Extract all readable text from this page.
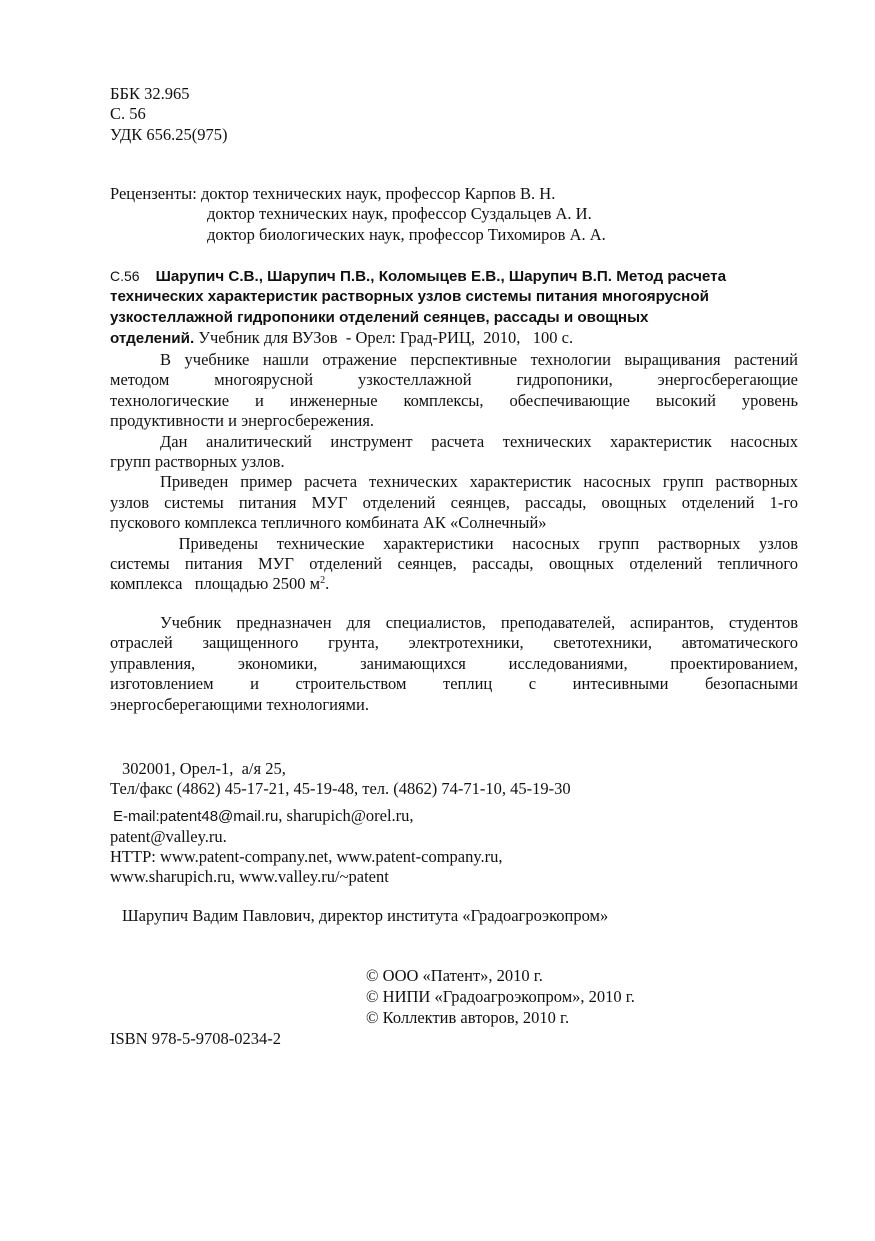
ББК 32.965
С. 56
УДК 656.25(975)
Рецензенты: доктор технических наук, профессор Карпов В. Н.
доктор технических наук, профессор Суздальцев А. И.
доктор биологических наук, профессор Тихомиров А. А.
С.56 Шарупич С.В., Шарупич П.В., Коломыцев Е.В., Шарупич В.П. Метод расчета
технических характеристик растворных узлов системы питания многоярусной
узкостеллажной гидропоники отделений сеянцев, рассады и овощных
отделений. Учебник для ВУЗов  - Орел: Град-РИЦ,  2010,   100 с.
В учебнике нашли отражение перспективные технологии выращивания растений
методом многоярусной узкостеллажной гидропоники, энергосберегающие
технологические и инженерные комплексы, обеспечивающие высокий уровень
продуктивности и энергосбережения.
Дан аналитический инструмент расчета технических характеристик насосных
групп растворных узлов.
Приведен пример расчета технических характеристик насосных групп растворных
узлов системы питания МУГ отделений сеянцев, рассады, овощных отделений 1-го
пускового комплекса тепличного комбината АК «Солнечный»
Приведены технические характеристики насосных групп растворных узлов
системы питания МУГ отделений сеянцев, рассады, овощных отделений тепличного
комплекса   площадью 2500 $м^2$.
Учебник предназначен для специалистов, преподавателей, аспирантов, студентов
отраслей защищенного грунта, электротехники, светотехники, автоматического
управления, экономики, занимающихся исследованиями, проектированием,
изготовлением и строительством теплиц с интесивными безопасными
энергосберегающими технологиями.
302001, Орел-1,  а/я 25,
Тел/факс (4862) 45-17-21, 45-19-48, тел. (4862) 74-71-10, 45-19-30
E-mail:patent48@mail.ru, sharupich@orel.ru,
patent@valley.ru.
HTTP: www.patent-company.net, www.patent-company.ru,
www.sharupich.ru, www.valley.ru/~patent
Шарупич Вадим Павлович, директор института «Градоагроэкопром»
© ООО «Патент», 2010 г.
© НИПИ «Градоагроэкопром», 2010 г.
© Коллектив авторов, 2010 г.
ISBN 978-5-9708-0234-2
